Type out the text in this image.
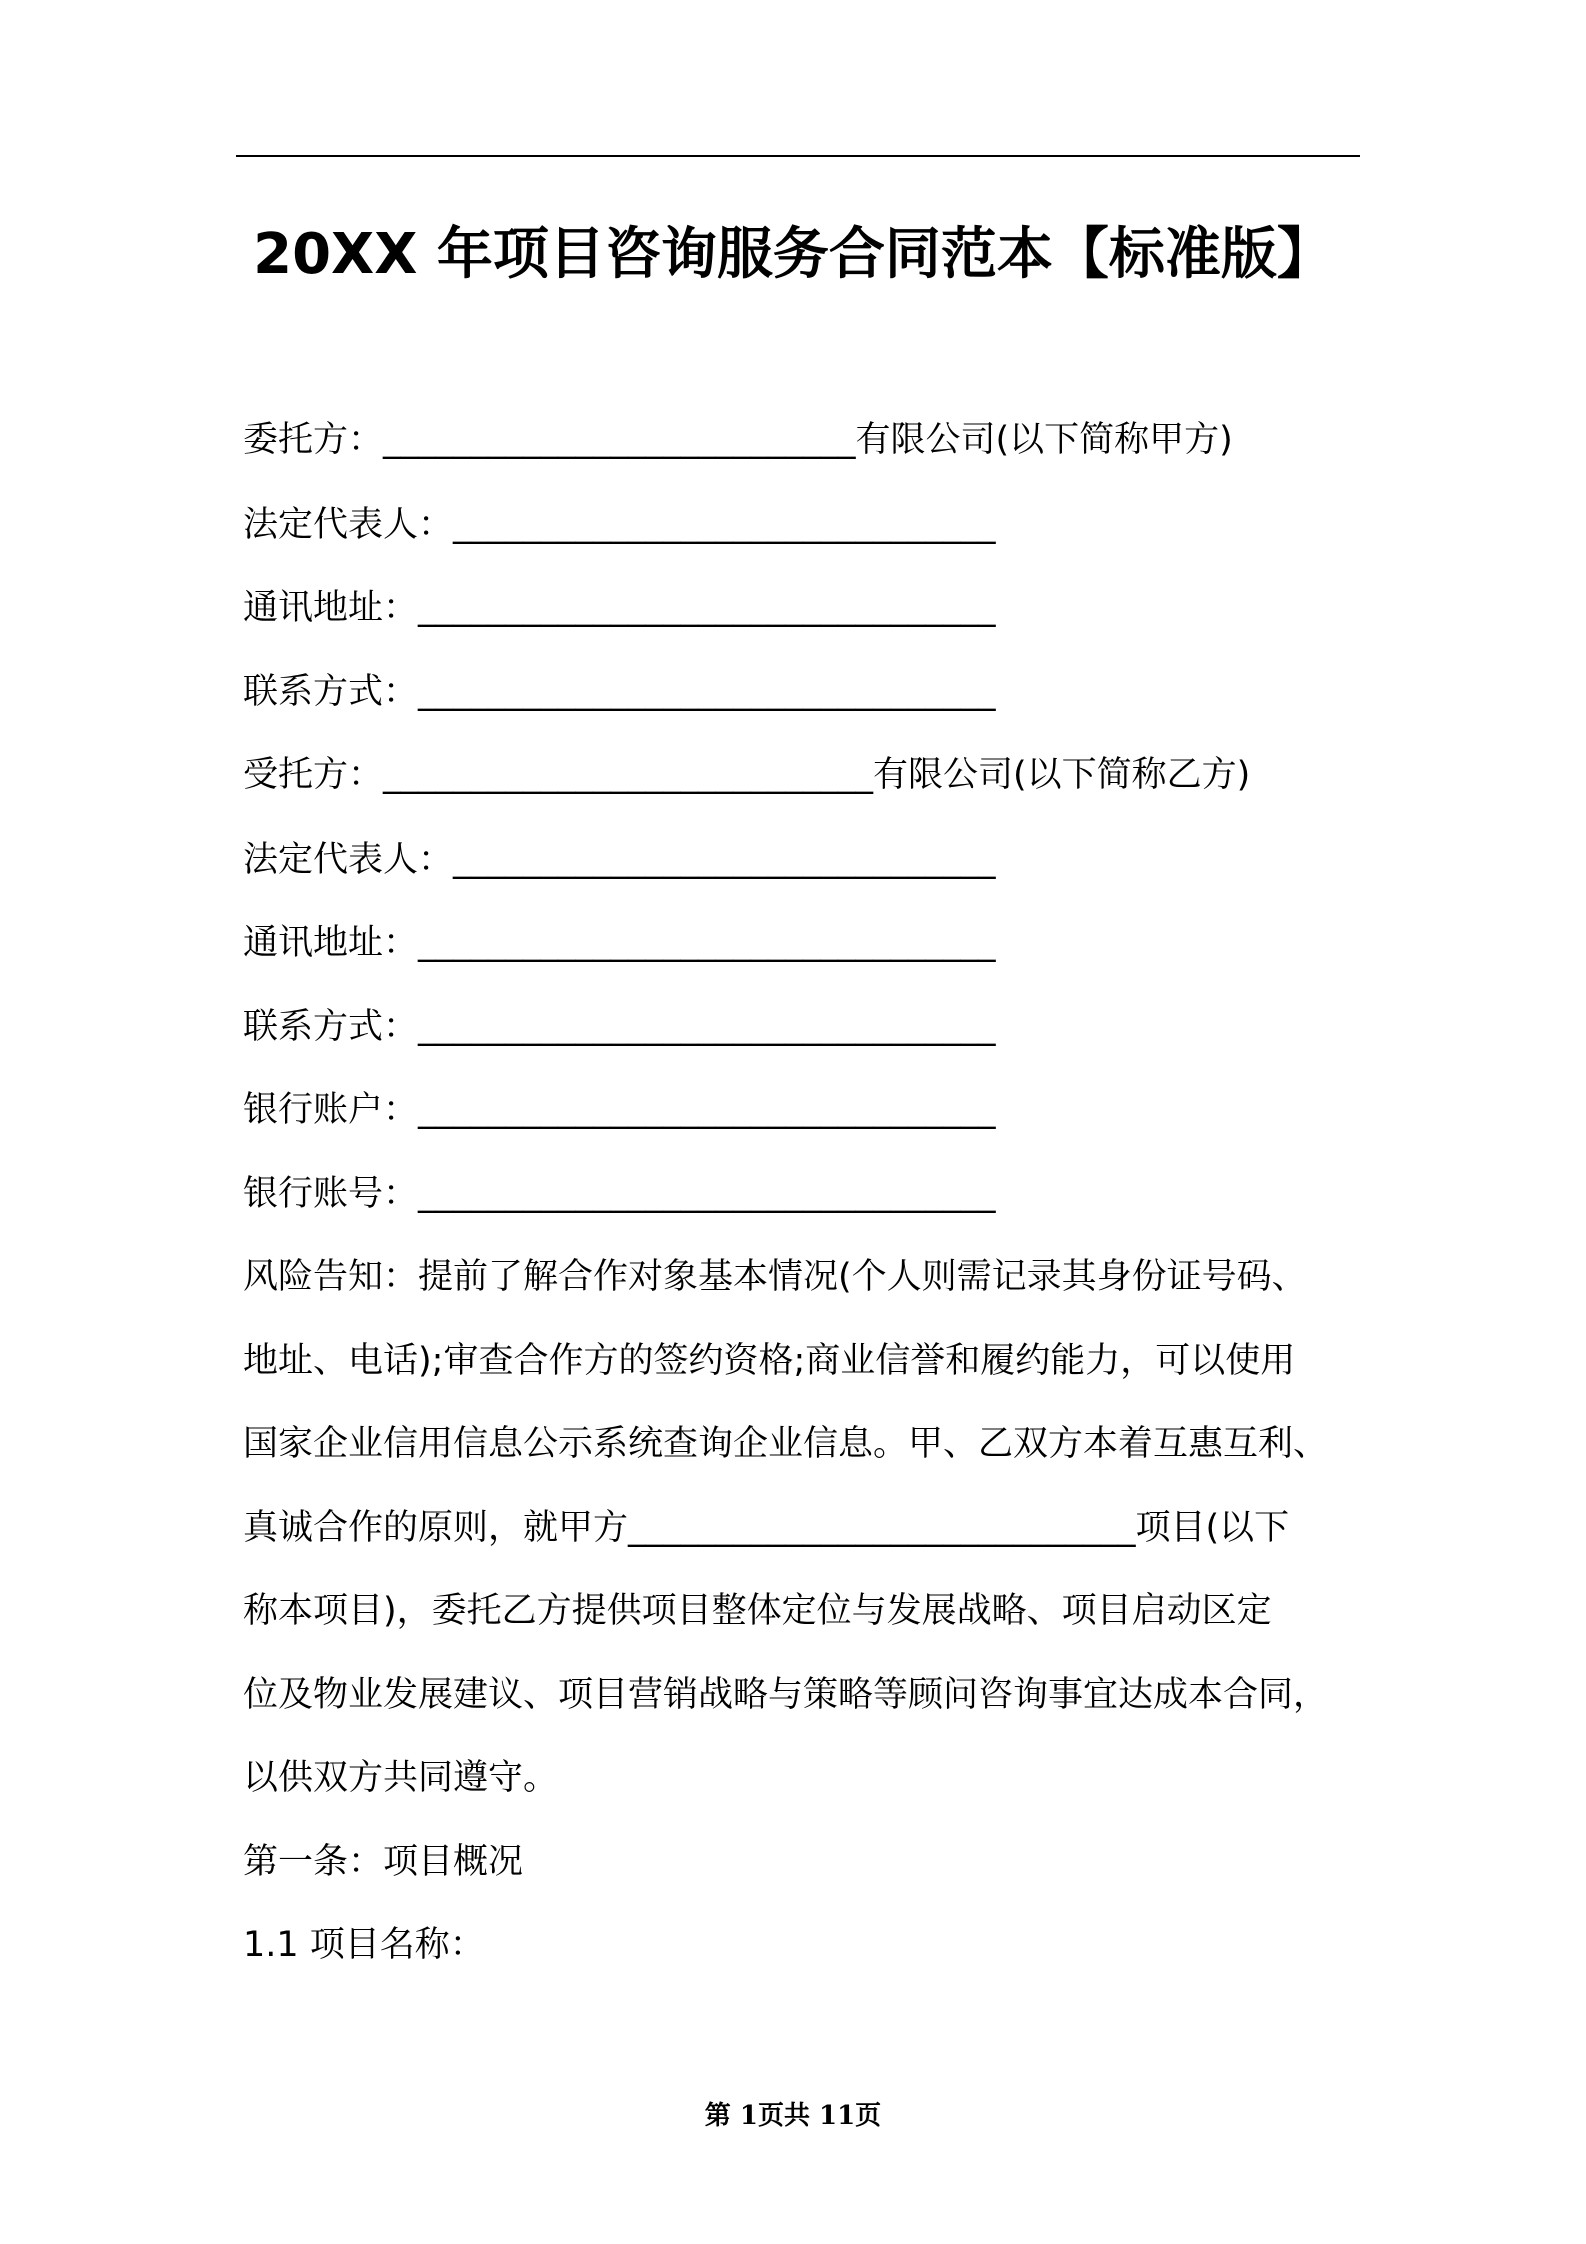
20XX 年项目咨询服务合同范本【标准版】
委托方：___________________________有限公司(以下简称甲方)
法定代表人：_______________________________
通讯地址：_________________________________
联系方式：_________________________________
受托方：____________________________有限公司(以下简称乙方)
法定代表人：_______________________________
通讯地址：_________________________________
联系方式：_________________________________
银行账户：_________________________________
银行账号：_________________________________
风险告知：提前了解合作对象基本情况(个人则需记录其身份证号码、
地址、电话);审查合作方的签约资格;商业信誉和履约能力，可以使用
国家企业信用信息公示系统查询企业信息。甲、乙双方本着互惠互利、
真诚合作的原则，就甲方_____________________________项目(以下
称本项目)，委托乙方提供项目整体定位与发展战略、项目启动区定
位及物业发展建议、项目营销战略与策略等顾问咨询事宜达成本合同，
以供双方共同遵守。
第一条：项目概况
1.1 项目名称：
第 1页共 11页
